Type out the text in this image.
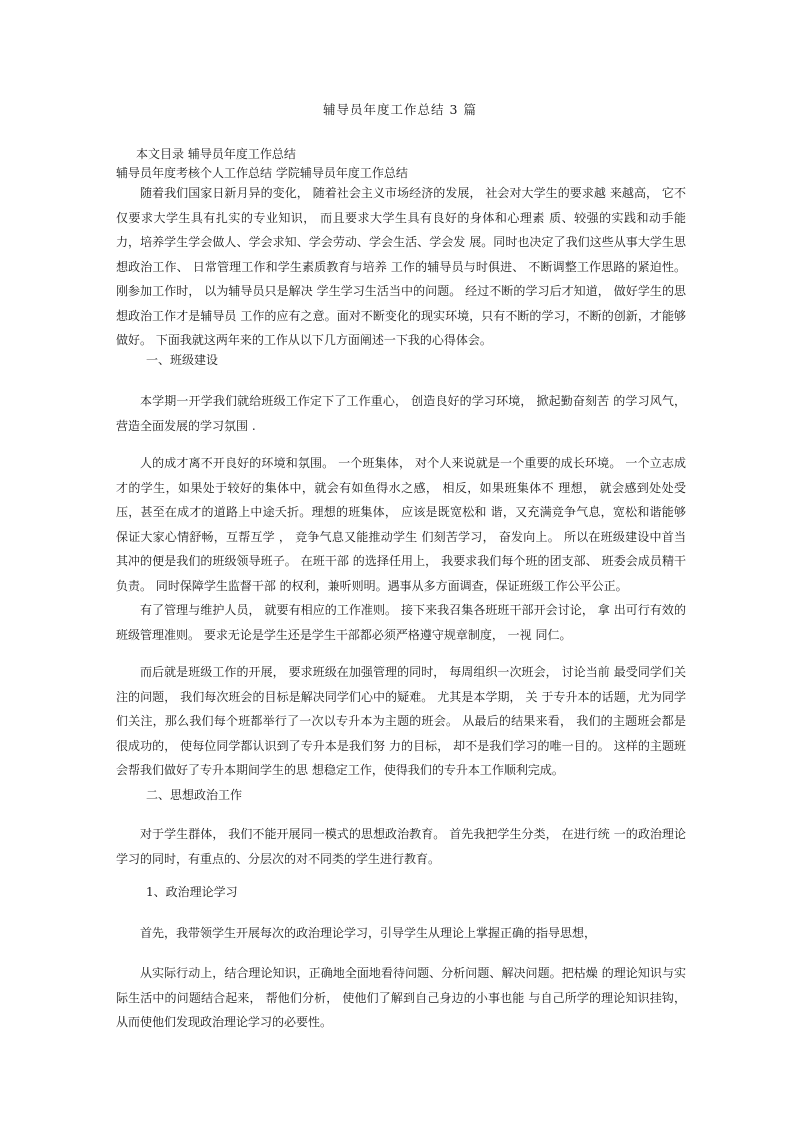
辅导员年度工作总结 3 篇
本文目录 辅导员年度工作总结
辅导员年度考核个人工作总结 学院辅导员年度工作总结

随着我们国家日新月异的变化， 随着社会主义市场经济的发展， 社会对大学生的要求越 来越高， 它不仅要求大学生具有扎实的专业知识， 而且要求大学生具有良好的身体和心理素 质、较强的实践和动手能力，培养学生学会做人、学会求知、学会劳动、学会生活、学会发 展。同时也决定了我们这些从事大学生思想政治工作、 日常管理工作和学生素质教育与培养 工作的辅导员与时俱进、 不断调整工作思路的紧迫性。刚参加工作时， 以为辅导员只是解决 学生学习生活当中的问题。 经过不断的学习后才知道， 做好学生的思想政治工作才是辅导员 工作的应有之意。面对不断变化的现实环境，只有不断的学习，不断的创新，才能够做好。 下面我就这两年来的工作从以下几方面阐述一下我的心得体会。

一、班级建设

本学期一开学我们就给班级工作定下了工作重心， 创造良好的学习环境， 掀起勤奋刻苦 的学习风气，营造全面发展的学习氛围 .

人的成才离不开良好的环境和氛围。 一个班集体， 对个人来说就是一个重要的成长环境。 一个立志成才的学生，如果处于较好的集体中，就会有如鱼得水之感， 相反，如果班集体不 理想， 就会感到处处受压，甚至在成才的道路上中途夭折。理想的班集体， 应该是既宽松和 谐，又充满竞争气息，宽松和谐能够保证大家心情舒畅，互帮互学 ， 竞争气息又能推动学生 们刻苦学习， 奋发向上。 所以在班级建设中首当其冲的便是我们的班级领导班子。 在班干部 的选择任用上， 我要求我们每个班的团支部、 班委会成员精干负责。 同时保障学生监督干部 的权利，兼听则明。遇事从多方面调查，保证班级工作公平公正。

有了管理与维护人员， 就要有相应的工作准则。 接下来我召集各班班干部开会讨论， 拿 出可行有效的班级管理准则。 要求无论是学生还是学生干部都必须严格遵守规章制度， 一视 同仁。

而后就是班级工作的开展， 要求班级在加强管理的同时， 每周组织一次班会， 讨论当前 最受同学们关注的问题， 我们每次班会的目标是解决同学们心中的疑难。 尤其是本学期， 关 于专升本的话题，尤为同学们关注，那么我们每个班都举行了一次以专升本为主题的班会。 从最后的结果来看， 我们的主题班会都是很成功的， 使每位同学都认识到了专升本是我们努 力的目标， 却不是我们学习的唯一目的。 这样的主题班会帮我们做好了专升本期间学生的思 想稳定工作，使得我们的专升本工作顺利完成。

二、思想政治工作

对于学生群体， 我们不能开展同一模式的思想政治教育。 首先我把学生分类， 在进行统 一的政治理论学习的同时，有重点的、分层次的对不同类的学生进行教育。

1、政治理论学习

首先，我带领学生开展每次的政治理论学习，引导学生从理论上掌握正确的指导思想，

从实际行动上，结合理论知识，正确地全面地看待问题、分析问题、解决问题。把枯燥 的理论知识与实际生活中的问题结合起来， 帮他们分析， 使他们了解到自己身边的小事也能 与自己所学的理论知识挂钩，从而使他们发现政治理论学习的必要性。
